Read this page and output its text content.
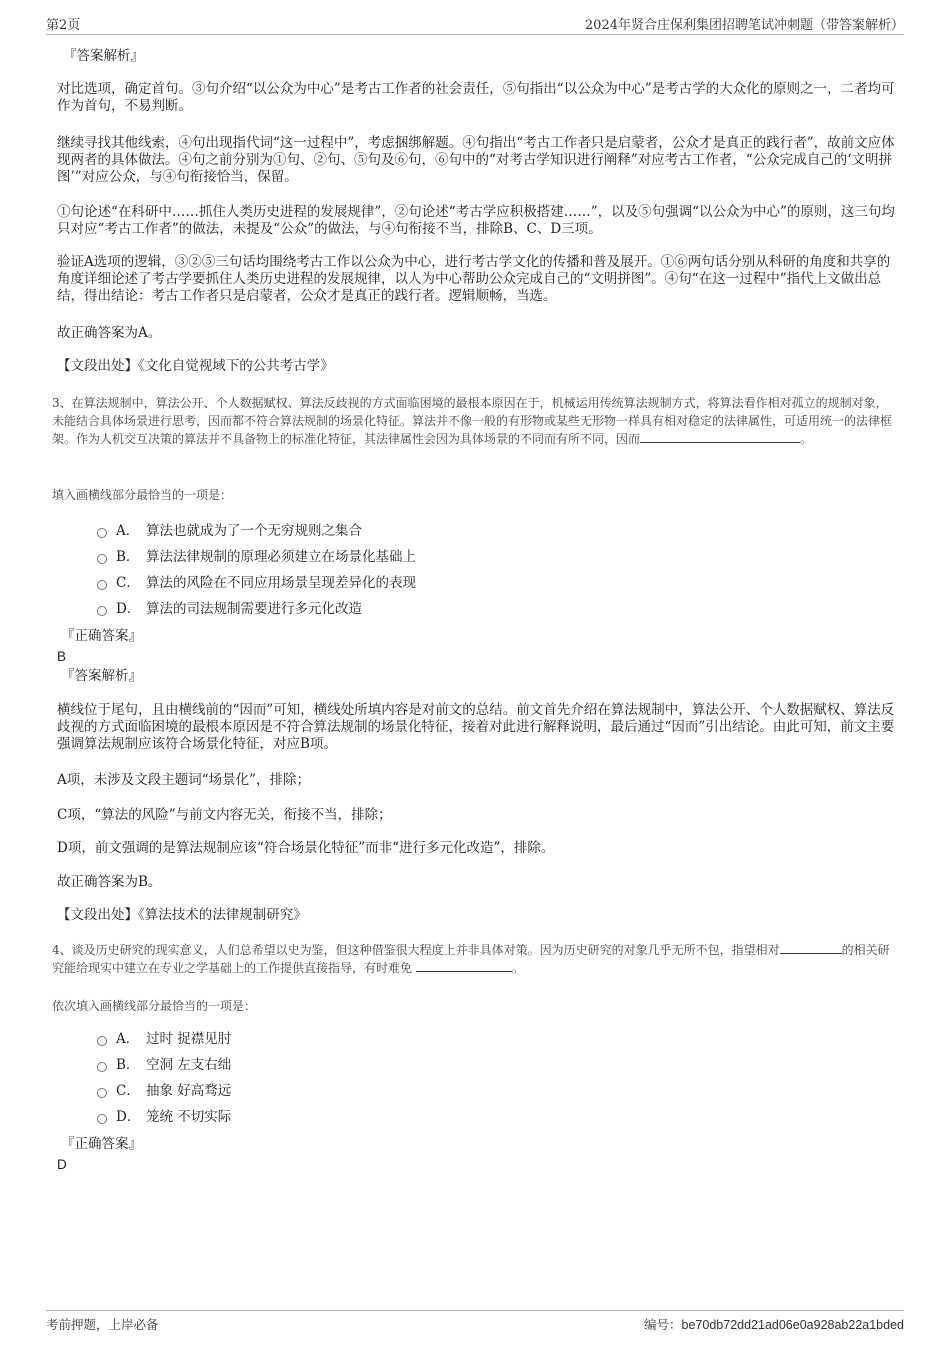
第2页	2024年贤合庄保利集团招聘笔试冲刺题（带答案解析）

『答案解析』

对比选项，确定首句。③句介绍“以公众为中心”是考古工作者的社会责任，⑤句指出“以公众为中心”是考古学的大众化的原则之一，二者均可作为首句，不易判断。

继续寻找其他线索，④句出现指代词“这一过程中”，考虑捆绑解题。④句指出“考古工作者只是启蒙者，公众才是真正的践行者”，故前文应体现两者的具体做法。④句之前分别为①句、②句、⑤句及⑥句，⑥句中的“对考古学知识进行阐释”对应考古工作者，“公众完成自己的‘文明拼图’”对应公众，与④句衔接恰当，保留。

①句论述“在科研中……抓住人类历史进程的发展规律”，②句论述“考古学应积极搭建……”，以及⑤句强调“以公众为中心”的原则，这三句均只对应“考古工作者”的做法，未提及“公众”的做法，与④句衔接不当，排除B、C、D三项。

验证A选项的逻辑，③②⑤三句话均围绕考古工作以公众为中心，进行考古学文化的传播和普及展开。①⑥两句话分别从科研的角度和共享的角度详细论述了考古学要抓住人类历史进程的发展规律，以人为中心帮助公众完成自己的“文明拼图”。④句“在这一过程中”指代上文做出总结，得出结论：考古工作者只是启蒙者，公众才是真正的践行者。逻辑顺畅，当选。

故正确答案为A。

【文段出处】《文化自觉视域下的公共考古学》

3、在算法规制中，算法公开、个人数据赋权、算法反歧视的方式面临困境的最根本原因在于，机械运用传统算法规制方式，将算法看作相对孤立的规制对象，未能结合具体场景进行思考，因而都不符合算法规制的场景化特征。算法并不像一般的有形物或某些无形物一样具有相对稳定的法律属性，可适用统一的法律框架。作为人机交互决策的算法并不具备物上的标准化特征，其法律属性会因为具体场景的不同而有所不同，因而	。

填入画横线部分最恰当的一项是：

A． 算法也就成为了一个无穷规则之集合
B． 算法法律规制的原理必须建立在场景化基础上
C． 算法的风险在不同应用场景呈现差异化的表现
D． 算法的司法规制需要进行多元化改造

『正确答案』

B

『答案解析』

横线位于尾句，且由横线前的“因而”可知，横线处所填内容是对前文的总结。前文首先介绍在算法规制中，算法公开、个人数据赋权、算法反歧视的方式面临困境的最根本原因是不符合算法规制的场景化特征，接着对此进行解释说明，最后通过“因而”引出结论。由此可知，前文主要强调算法规制应该符合场景化特征，对应B项。

A项，未涉及文段主题词“场景化”，排除；

C项，“算法的风险”与前文内容无关，衔接不当，排除；

D项，前文强调的是算法规制应该“符合场景化特征”而非“进行多元化改造”，排除。

故正确答案为B。

【文段出处】《算法技术的法律规制研究》

4、谈及历史研究的现实意义，人们总希望以史为鉴，但这种借鉴很大程度上并非具体对策。因为历史研究的对象几乎无所不包，指望相对	的相关研究能给现实中建立在专业之学基础上的工作提供直接指导，有时难免	。

依次填入画横线部分最恰当的一项是：

A． 过时 捉襟见肘
B． 空洞 左支右绌
C． 抽象 好高骛远
D． 笼统 不切实际

『正确答案』

D

考前押题，上岸必备	编号：be70db72dd21ad06e0a928ab22a1bded
